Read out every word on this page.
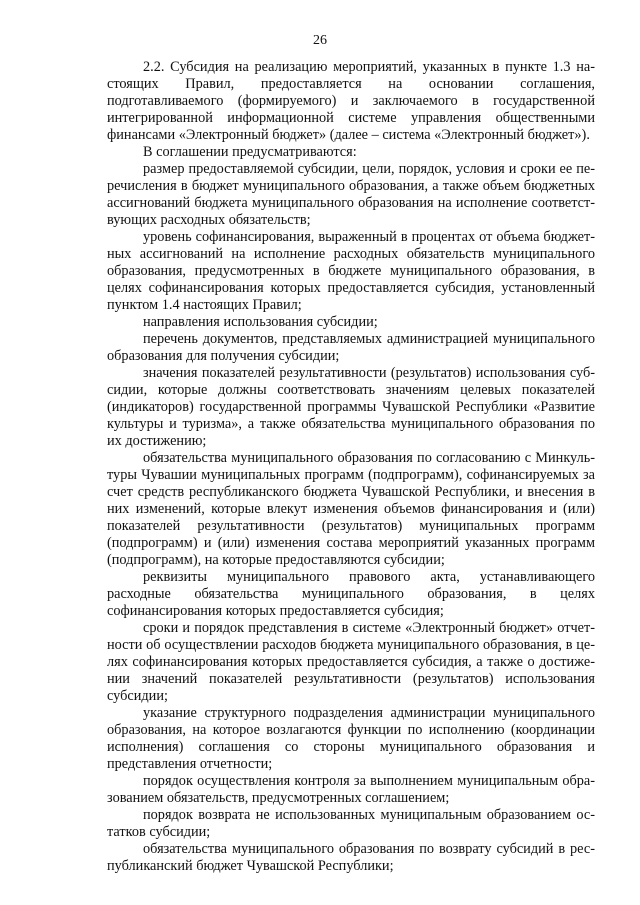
26

2.2. Субсидия на реализацию мероприятий, указанных в пункте 1.3 настоящих Правил, предоставляется на основании соглашения, подготавливаемого (формируемого) и заключаемого в государственной интегрированной информационной системе управления общественными финансами «Электронный бюджет» (далее – система «Электронный бюджет»).

В соглашении предусматриваются:

размер предоставляемой субсидии, цели, порядок, условия и сроки ее перечисления в бюджет муниципального образования, а также объем бюджетных ассигнований бюджета муниципального образования на исполнение соответствующих расходных обязательств;

уровень софинансирования, выраженный в процентах от объема бюджетных ассигнований на исполнение расходных обязательств муниципального образования, предусмотренных в бюджете муниципального образования, в целях софинансирования которых предоставляется субсидия, установленный пунктом 1.4 настоящих Правил;

направления использования субсидии;

перечень документов, представляемых администрацией муниципального образования для получения субсидии;

значения показателей результативности (результатов) использования субсидии, которые должны соответствовать значениям целевых показателей (индикаторов) государственной программы Чувашской Республики «Развитие культуры и туризма», а также обязательства муниципального образования по их достижению;

обязательства муниципального образования по согласованию с Минкультуры Чувашии муниципальных программ (подпрограмм), софинансируемых за счет средств республиканского бюджета Чувашской Республики, и внесения в них изменений, которые влекут изменения объемов финансирования и (или) показателей результативности (результатов) муниципальных программ (подпрограмм) и (или) изменения состава мероприятий указанных программ (подпрограмм), на которые предоставляются субсидии;

реквизиты муниципального правового акта, устанавливающего расходные обязательства муниципального образования, в целях софинансирования которых предоставляется субсидия;

сроки и порядок представления в системе «Электронный бюджет» отчетности об осуществлении расходов бюджета муниципального образования, в целях софинансирования которых предоставляется субсидия, а также о достижении значений показателей результативности (результатов) использования субсидии;

указание структурного подразделения администрации муниципального образования, на которое возлагаются функции по исполнению (координации исполнения) соглашения со стороны муниципального образования и представления отчетности;

порядок осуществления контроля за выполнением муниципальным образованием обязательств, предусмотренных соглашением;

порядок возврата не использованных муниципальным образованием остатков субсидии;

обязательства муниципального образования по возврату субсидий в республиканский бюджет Чувашской Республики;
